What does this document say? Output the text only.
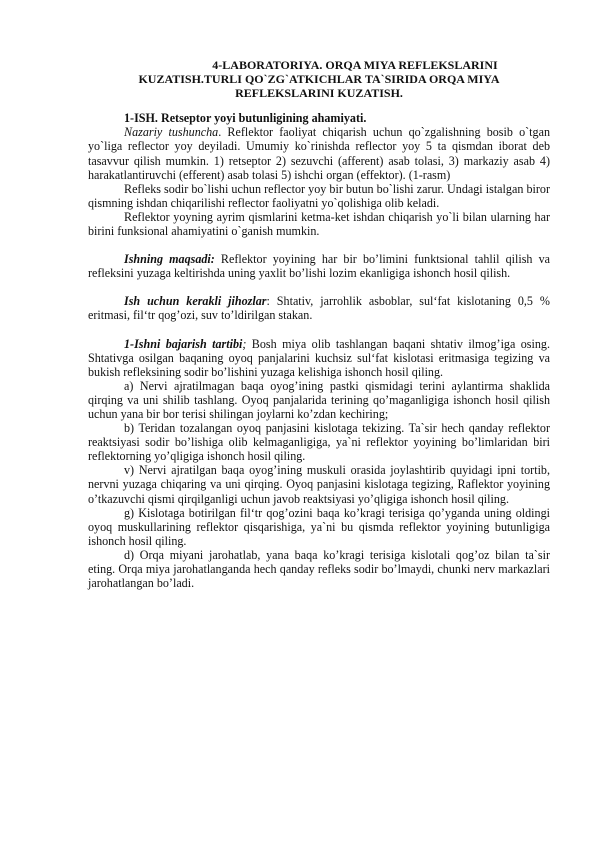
4-LABORATORIYA. ORQA MIYA REFLEKSLARINI
KUZATISH.TURLI QO`ZG`ATKICHLAR TA`SIRIDA ORQA MIYA
REFLEKSLARINI KUZATISH.

1-ISH. Retseptor yoyi butunligining ahamiyati.

Nazariy tushuncha. Reflektor faoliyat chiqarish uchun qo`zgalishning bosib o`tgan yo`liga reflector yoy deyiladi. Umumiy ko`rinishda reflector yoy 5 ta qismdan iborat deb tasavvur qilish mumkin. 1) retseptor 2) sezuvchi (afferent) asab tolasi, 3) markaziy asab 4) harakatlantiruvchi (efferent) asab tolasi 5) ishchi organ (effektor). (1-rasm)

Refleks sodir bo`lishi uchun reflector yoy bir butun bo`lishi zarur. Undagi istalgan biror qismning ishdan chiqarilishi reflector faoliyatni yo`qolishiga olib keladi.

Reflektor yoyning ayrim qismlarini ketma-ket ishdan chiqarish yo`li bilan ularning har birini funksional ahamiyatini o`ganish mumkin.

Ishning maqsadi: Reflektor yoyining har bir bo’limini funktsional tahlil qilish va refleksini yuzaga keltirishda uning yaxlit bo’lishi lozim ekanligiga ishonch hosil qilish.

Ish uchun kerakli jihozlar: Shtativ, jarrohlik asboblar, sul‘fat kislotaning 0,5 % eritmasi, fil‘tr qog’ozi, suv to’ldirilgan stakan.

1-Ishni bajarish tartibi; Bosh miya olib tashlangan baqani shtativ ilmog’iga osing. Shtativga osilgan baqaning oyoq panjalarini kuchsiz sul‘fat kislotasi eritmasiga tegizing va bukish refleksining sodir bo’lishini yuzaga kelishiga ishonch hosil qiling.

a) Nervi ajratilmagan baqa oyog’ining pastki qismidagi terini aylantirma shaklida qirqing va uni shilib tashlang. Oyoq panjalarida terining qo’maganligiga ishonch hosil qilish uchun yana bir bor terisi shilingan joylarni ko’zdan kechiring;

b) Teridan tozalangan oyoq panjasini kislotaga tekizing. Ta`sir hech qanday reflektor reaktsiyasi sodir bo’lishiga olib kelmaganligiga, ya`ni reflektor yoyining bo’limlaridan biri reflektorning yo’qligiga ishonch hosil qiling.

v) Nervi ajratilgan baqa oyog’ining muskuli orasida joylashtirib quyidagi ipni tortib, nervni yuzaga chiqaring va uni qirqing. Oyoq panjasini kislotaga tegizing, Raflektor yoyining o’tkazuvchi qismi qirqilganligi uchun javob reaktsiyasi yo’qligiga ishonch hosil qiling.

g) Kislotaga botirilgan fil‘tr qog’ozini baqa ko’kragi terisiga qo’yganda uning oldingi oyoq muskullarining reflektor qisqarishiga, ya`ni bu qismda reflektor yoyining butunligiga ishonch hosil qiling.

d) Orqa miyani jarohatlab, yana baqa ko’kragi terisiga kislotali qog’oz bilan ta`sir eting. Orqa miya jarohatlanganda hech qanday refleks sodir bo’lmaydi, chunki nerv markazlari jarohatlangan bo’ladi.
